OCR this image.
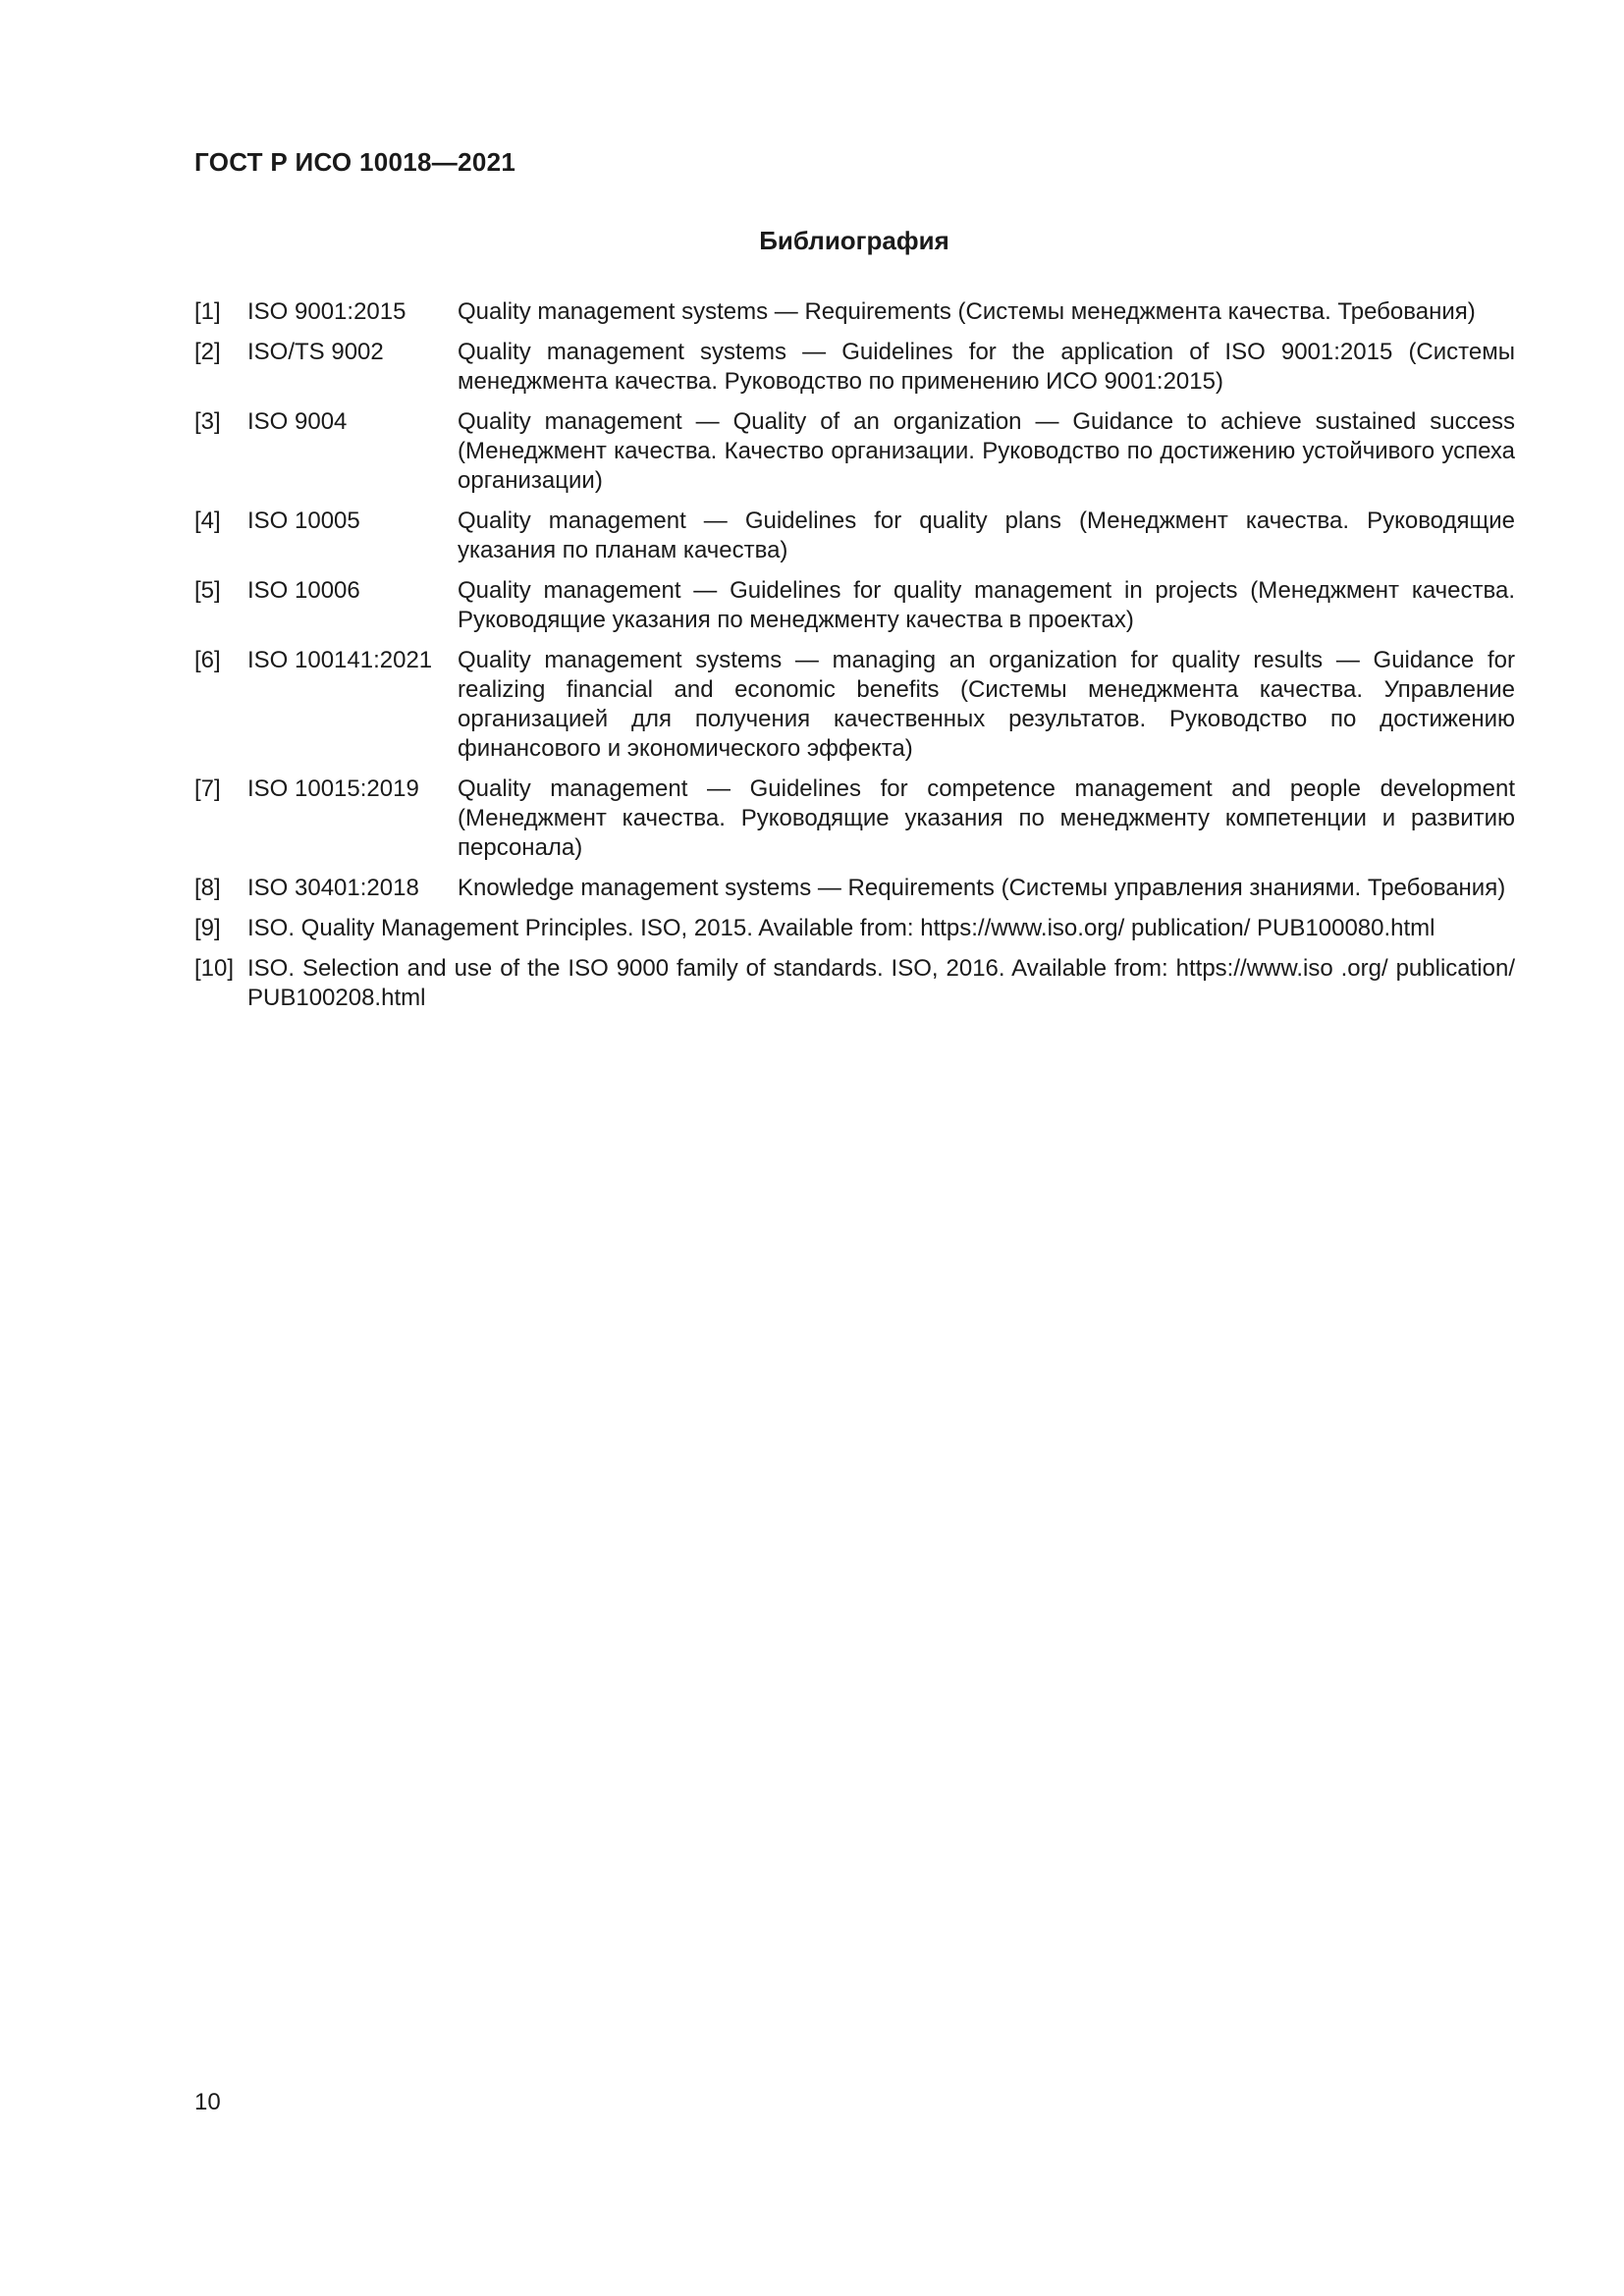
ГОСТ Р ИСО 10018—2021
Библиография
[1]	ISO 9001:2015	Quality management systems — Requirements (Системы менеджмента качества. Требования)
[2]	ISO/TS 9002	Quality management systems — Guidelines for the application of ISO 9001:2015 (Системы менеджмента качества. Руководство по применению ИСО 9001:2015)
[3]	ISO 9004	Quality management — Quality of an organization — Guidance to achieve sustained success (Менеджмент качества. Качество организации. Руководство по достижению устойчивого успеха организации)
[4]	ISO 10005	Quality management — Guidelines for quality plans (Менеджмент качества. Руководящие указания по планам качества)
[5]	ISO 10006	Quality management — Guidelines for quality management in projects (Менеджмент качества. Руководящие указания по менеджменту качества в проектах)
[6]	ISO 100141:2021	Quality management systems — managing an organization for quality results — Guidance for realizing financial and economic benefits (Системы менеджмента качества. Управление организацией для получения качественных результатов. Руководство по достижению финансового и экономического эффекта)
[7]	ISO 10015:2019	Quality management — Guidelines for competence management and people development (Менеджмент качества. Руководящие указания по менеджменту компетенции и развитию персонала)
[8]	ISO 30401:2018	Knowledge management systems — Requirements (Системы управления знаниями. Требования)
[9]	ISO. Quality Management Principles. ISO, 2015. Available from: https://www.iso.org/ publication/ PUB100080.html
[10] ISO. Selection and use of the ISO 9000 family of standards. ISO, 2016. Available from: https://www.iso .org/ publication/ PUB100208.html
10
